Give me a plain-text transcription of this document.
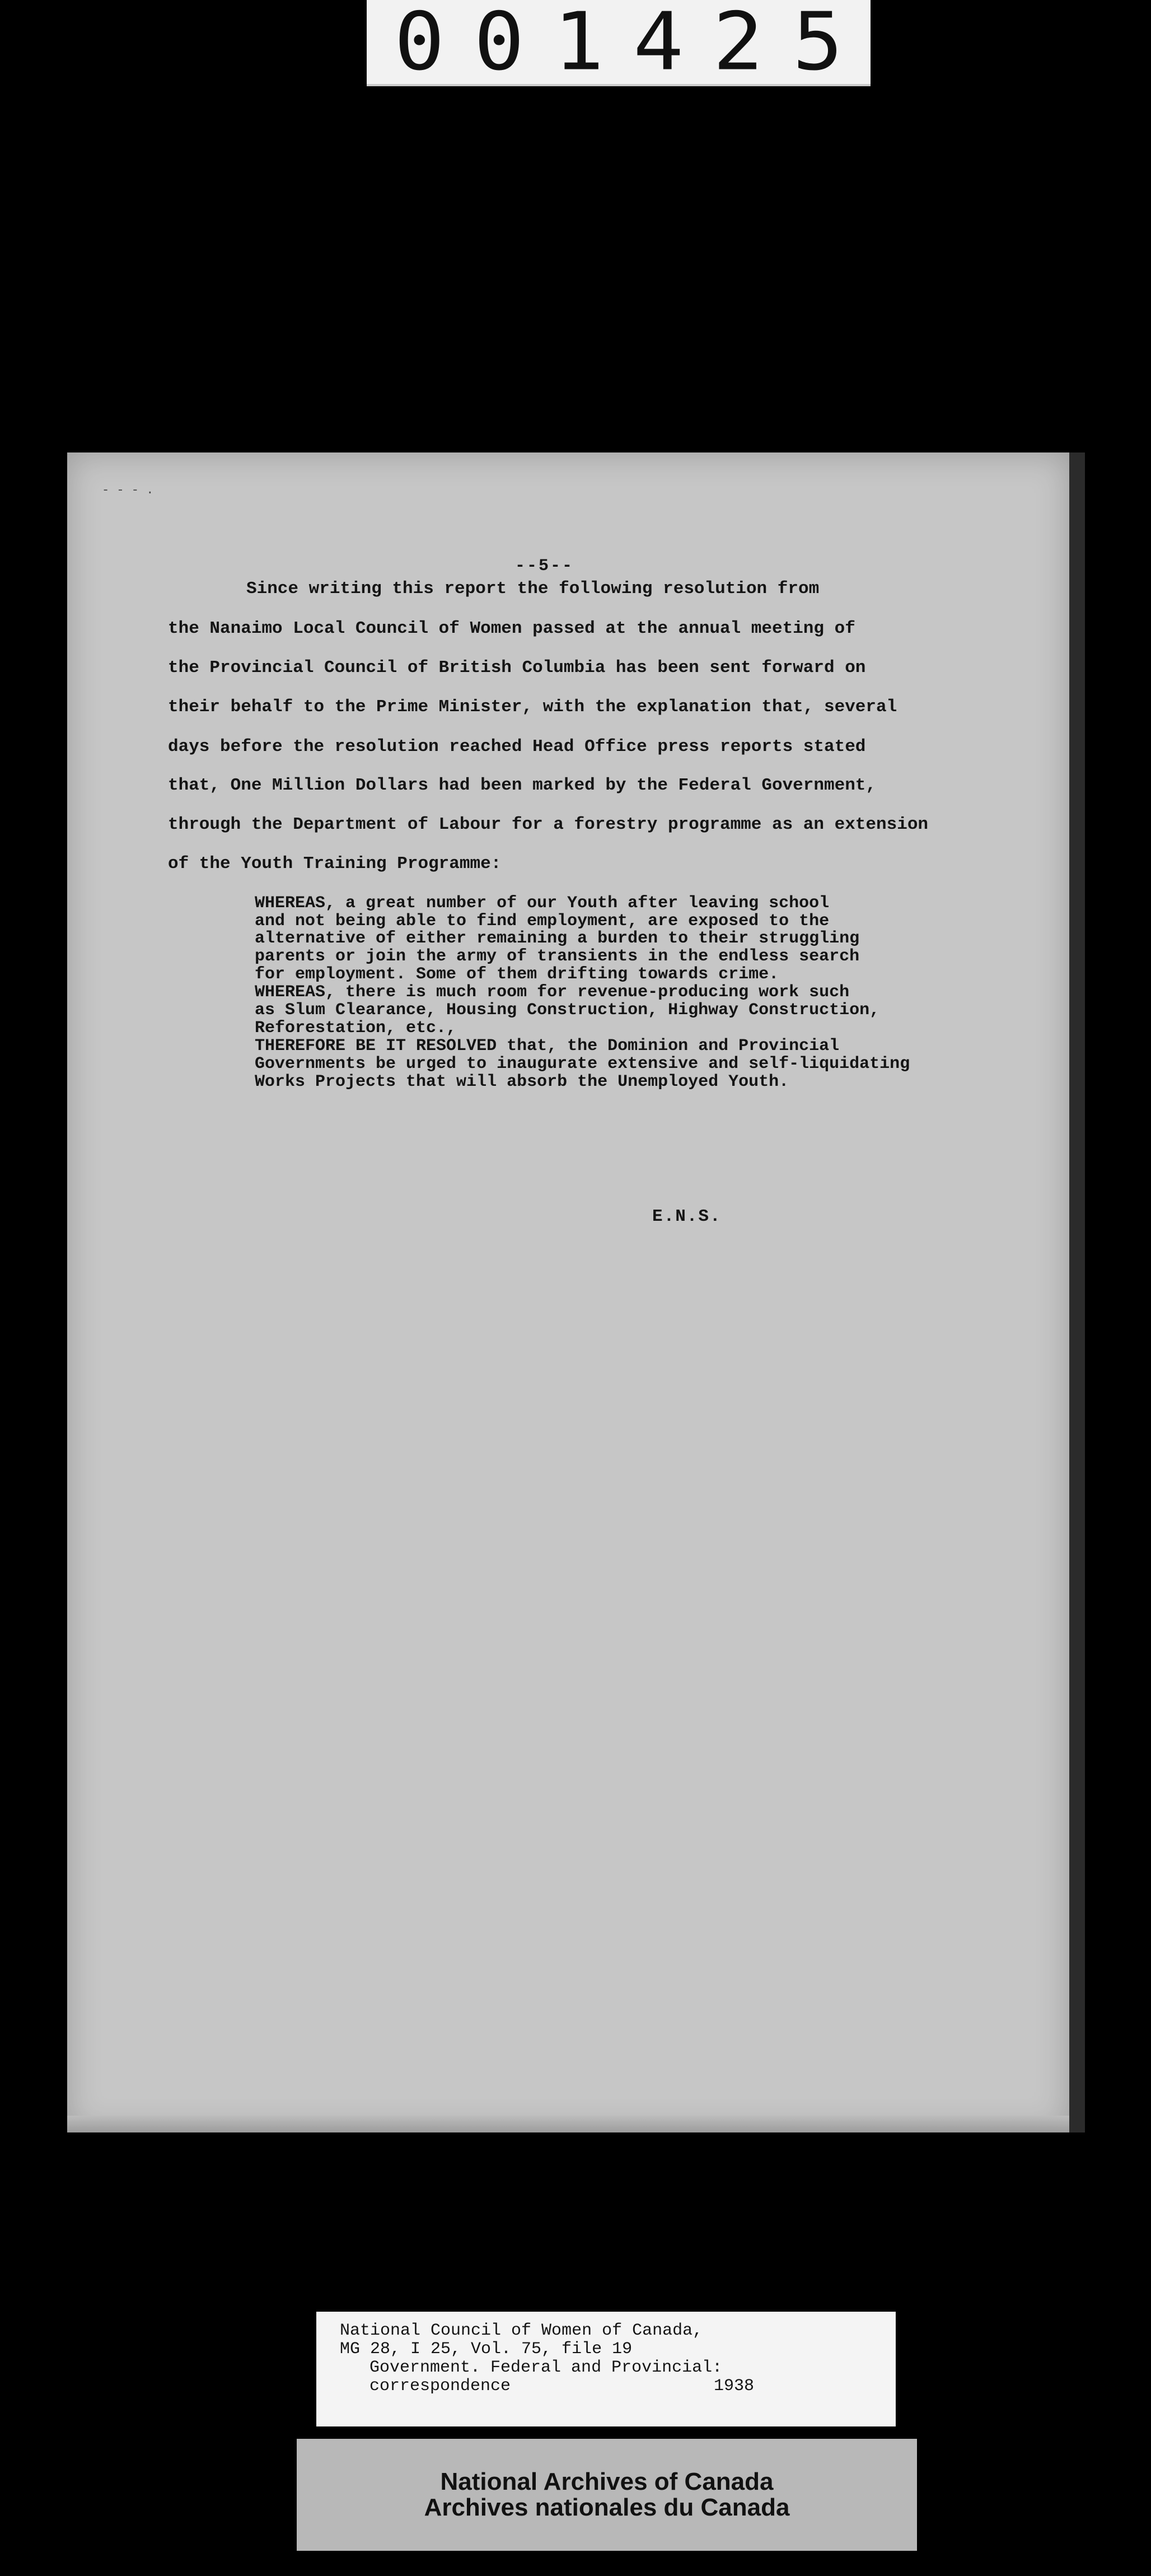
001425
- - - .
--5--
Since writing this report the following resolution from
the Nanaimo Local Council of Women passed at the annual meeting of
the Provincial Council of British Columbia has been sent forward on
their behalf to the Prime Minister, with the explanation that, several
days before the resolution reached Head Office press reports stated
that, One Million Dollars had been marked by the Federal Government,
through the Department of Labour for a forestry programme as an extension
of the Youth Training Programme:
WHEREAS, a great number of our Youth after leaving school
and not being able to find employment, are exposed to the
alternative of either remaining a burden to their struggling
parents or join the army of transients in the endless search
for employment. Some of them drifting towards crime.
WHEREAS, there is much room for revenue-producing work such
as Slum Clearance, Housing Construction, Highway Construction,
Reforestation, etc.,
THEREFORE BE IT RESOLVED that, the Dominion and Provincial
Governments be urged to inaugurate extensive and self-liquidating
Works Projects that will absorb the Unemployed Youth.
E.N.S.
National Council of Women of Canada,
MG 28, I 25, Vol. 75, file 19
Government. Federal and Provincial:
correspondence	1938
National Archives of Canada
Archives nationales du Canada
